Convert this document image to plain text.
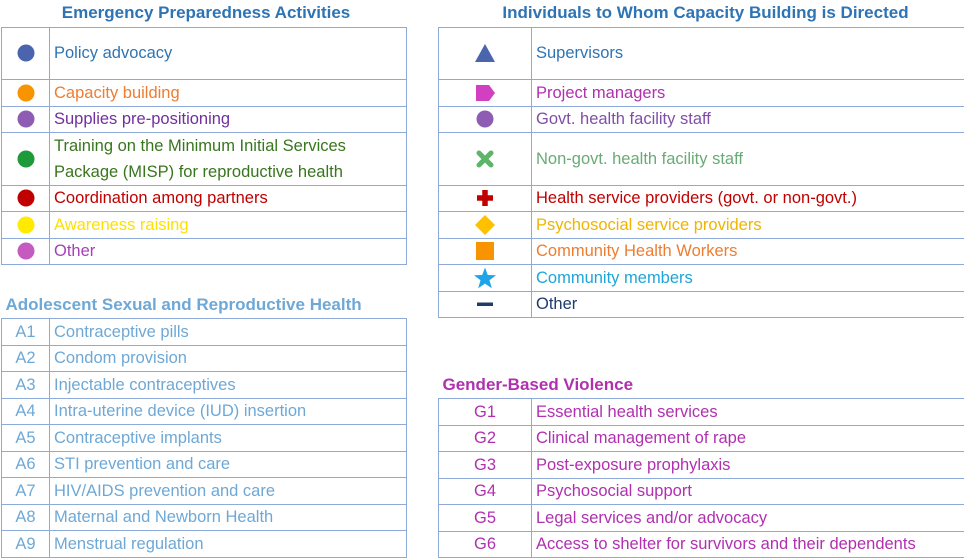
Emergency Preparedness Activities	
	Policy advocacy
	Capacity building
	Supplies pre-positioning
	Training on the Minimum Initial Services Package (MISP) for reproductive health
	Coordination among partners
	Awareness raising
	Other
Individuals to Whom Capacity Building is Directed	
	Supervisors
	Project managers
	Govt. health facility staff
	Non-govt. health facility staff
	Health service providers (govt. or non-govt.)
	Psychosocial service providers
	Community Health Workers
	Community members
	Other
Adolescent Sexual and Reproductive Health	
A1	Contraceptive pills
A2	Condom provision
A3	Injectable contraceptives
A4	Intra-uterine device (IUD) insertion
A5	Contraceptive implants
A6	STI prevention and care
A7	HIV/AIDS prevention and care
A8	Maternal and Newborn Health
A9	Menstrual regulation
Gender-Based Violence	
G1	Essential health services
G2	Clinical management of rape
G3	Post-exposure prophylaxis
G4	Psychosocial support
G5	Legal services and/or advocacy
G6	Access to shelter for survivors and their dependents
